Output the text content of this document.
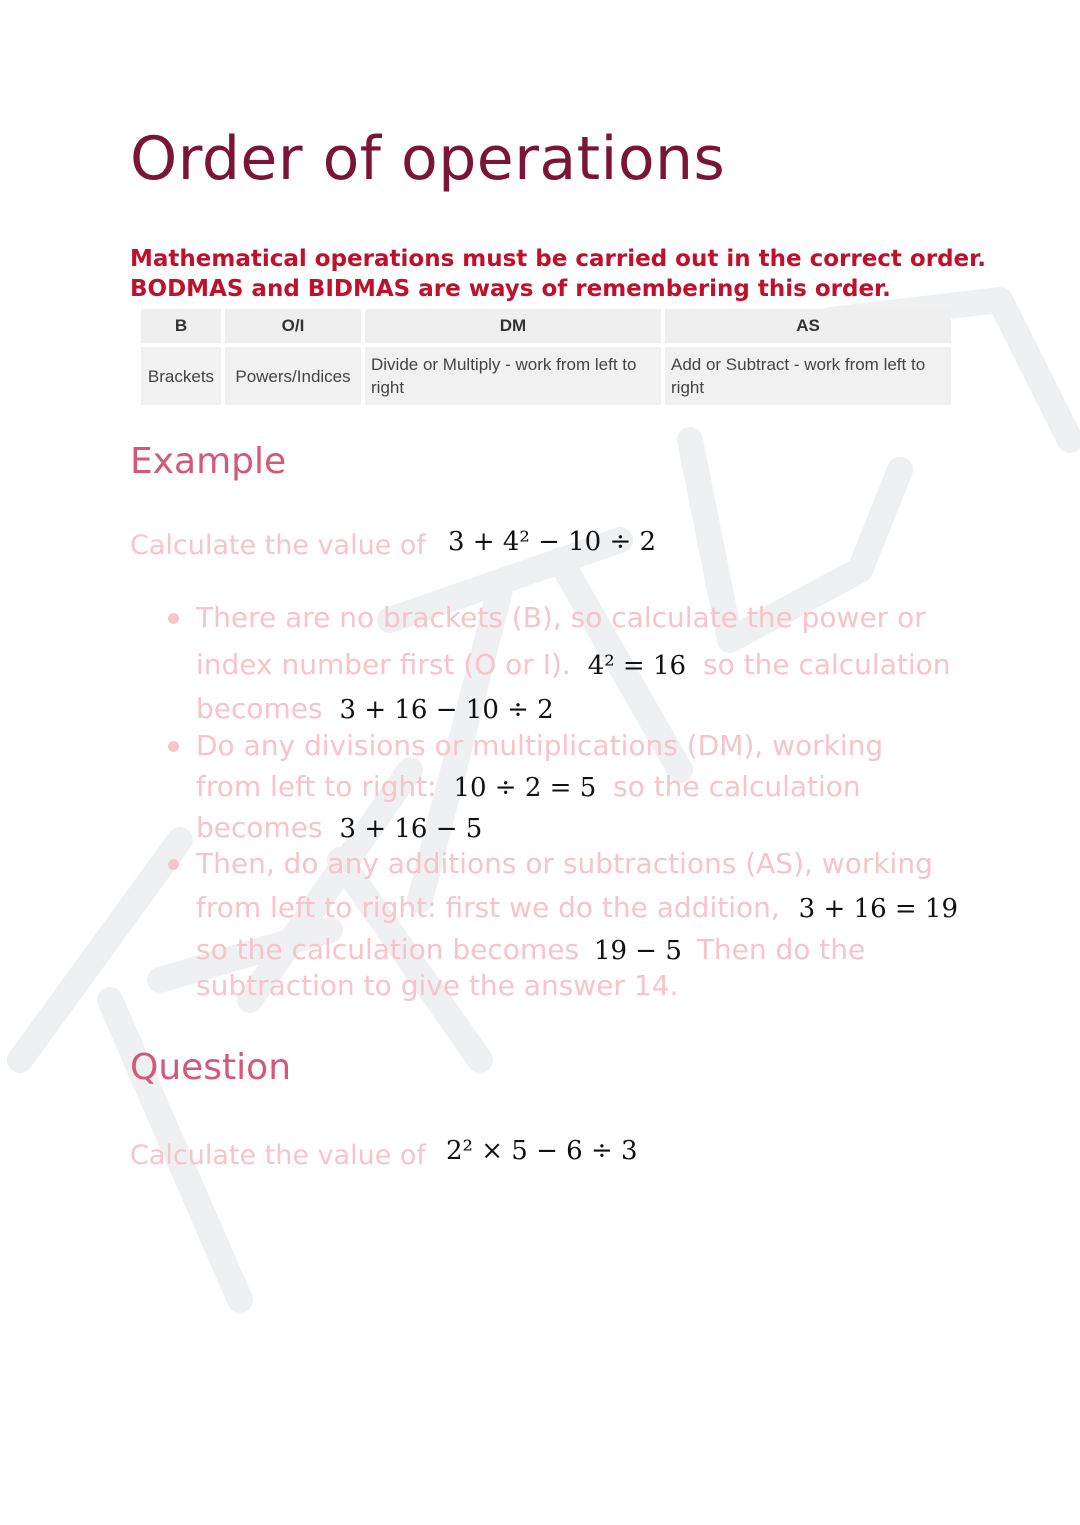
Order of operations
Mathematical operations must be carried out in the correct order.
BODMAS and BIDMAS are ways of remembering this order.
B	O/I	DM	AS
Brackets	Powers/Indices	Divide or Multiply - work from left to right	Add or Subtract - work from left to right
Example
Calculate the value of 3 + 4² − 10 ÷ 2
There are no brackets (B), so calculate the power or
index number first (O or I). 4² = 16 so the calculation
becomes 3 + 16 − 10 ÷ 2
Do any divisions or multiplications (DM), working
from left to right: 10 ÷ 2 = 5 so the calculation
becomes 3 + 16 − 5
Then, do any additions or subtractions (AS), working
from left to right: first we do the addition, 3 + 16 = 19
so the calculation becomes 19 − 5 Then do the
subtraction to give the answer 14.
Question
Calculate the value of 2² × 5 − 6 ÷ 3
